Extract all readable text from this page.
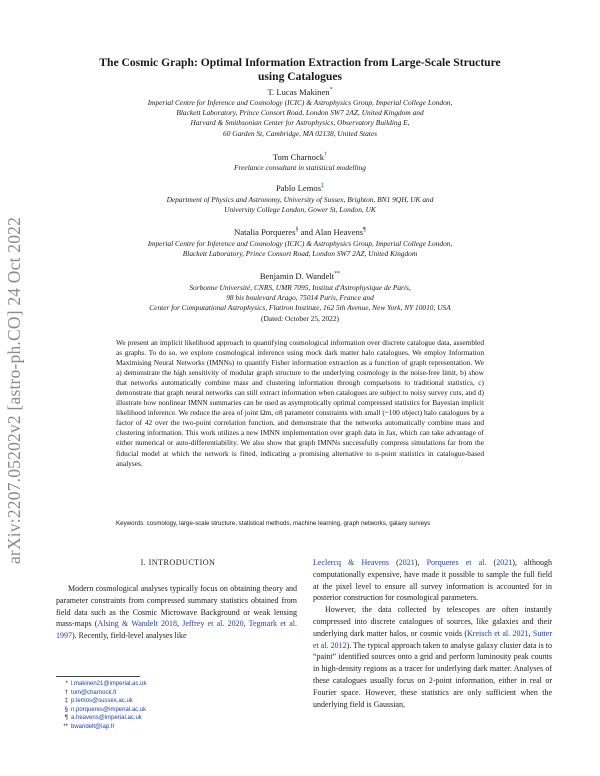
arXiv:2207.05202v2 [astro-ph.CO] 24 Oct 2022
The Cosmic Graph: Optimal Information Extraction from Large-Scale Structure
using Catalogues
T. Lucas Makinen*
Imperial Centre for Inference and Cosmology (ICIC) & Astrophysics Group, Imperial College London,
Blackett Laboratory, Prince Consort Road, London SW7 2AZ, United Kingdom and
Harvard & Smithsonian Center for Astrophysics, Observatory Building E,
60 Garden St, Cambridge, MA 02138, United States
Tom Charnock†
Freelance consultant in statistical modelling
Pablo Lemos‡
Department of Physics and Astronomy, University of Sussex, Brighton, BN1 9QH, UK and
University College London, Gower St, London, UK
Natalia Porqueres§ and Alan Heavens¶
Imperial Centre for Inference and Cosmology (ICIC) & Astrophysics Group, Imperial College London,
Blackett Laboratory, Prince Consort Road, London SW7 2AZ, United Kingdom
Benjamin D. Wandelt**
Sorbonne Université, CNRS, UMR 7095, Institut d'Astrophysique de Paris,
98 bis boulevard Arago, 75014 Paris, France and
Center for Computational Astrophysics, Flatiron Institute, 162 5th Avenue, New York, NY 10010, USA
(Dated: October 25, 2022)
We present an implicit likelihood approach to quantifying cosmological information over discrete catalogue data, assembled as graphs. To do so, we explore cosmological inference using mock dark matter halo catalogues. We employ Information Maximising Neural Networks (IMNNs) to quantify Fisher information extraction as a function of graph representation. We a) demonstrate the high sensitivity of modular graph structure to the underlying cosmology in the noise-free limit, b) show that networks automatically combine mass and clustering information through comparisons to traditional statistics, c) demonstrate that graph neural networks can still extract information when catalogues are subject to noisy survey cuts, and d) illustrate how nonlinear IMNN summaries can be used as asymptotically optimal compressed statistics for Bayesian implicit likelihood inference. We reduce the area of joint Ωm, σ8 parameter constraints with small (~100 object) halo catalogues by a factor of 42 over the two-point correlation function, and demonstrate that the networks automatically combine mass and clustering information. This work utilizes a new IMNN implementation over graph data in Jax, which can take advantage of either numerical or auto-differentiability. We also show that graph IMNNs successfully compress simulations far from the fiducial model at which the network is fitted, indicating a promising alternative to n-point statistics in catalogue-based analyses.
Keywords: cosmology, large-scale structure, statistical methods, machine learning, graph networks, galaxy surveys
I. INTRODUCTION
Modern cosmological analyses typically focus on obtaining theory and parameter constraints from compressed summary statistics obtained from field data such as the Cosmic Microwave Background or weak lensing mass-maps (Alsing & Wandelt 2018, Jeffrey et al. 2020, Tegmark et al. 1997). Recently, field-level analyses like

Leclercq & Heavens (2021), Porqueres et al. (2021), although computationally expensive, have made it possible to sample the full field at the pixel level to ensure all survey information is accounted for in posterior construction for cosmological parameters.

However, the data collected by telescopes are often instantly compressed into discrete catalogues of sources, like galaxies and their underlying dark matter halos, or cosmic voids (Kreisch et al. 2021, Sutter et al. 2012). The typical approach taken to analyse galaxy cluster data is to “paint” identified sources onto a grid and perform luminosity peak counts in high-density regions as a tracer for underlying dark matter. Analyses of these catalogues usually focus on 2-point information, either in real or Fourier space. However, these statistics are only sufficient when the underlying field is Gaussian,

* l.makinen21@imperial.ac.uk
† tom@charnock.fr
‡ p.lemos@sussex.ac.uk
§ n.porqueres@imperial.ac.uk
¶ a.heavens@imperial.ac.uk
** bwandelt@iap.fr
